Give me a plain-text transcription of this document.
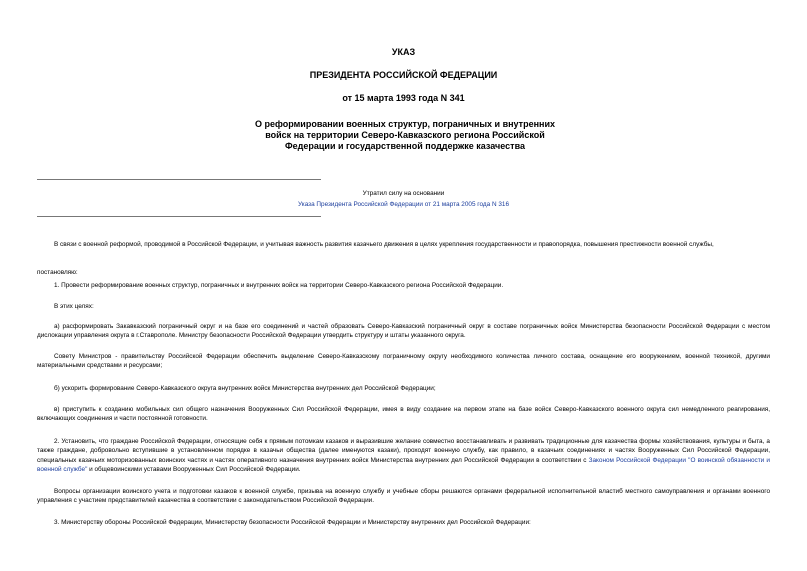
УКАЗ
ПРЕЗИДЕНТА РОССИЙСКОЙ ФЕДЕРАЦИИ
от 15 марта 1993 года N 341
О реформировании военных структур, пограничных и внутренних войск на территории Северо-Кавказского региона Российской Федерации и государственной поддержке казачества
Утратил силу на основании
Указа Президента Российской Федерации от 21 марта 2005 года N 316
В связи с военной реформой, проводимой в Российской Федерации, и учитывая важность развития казачьего движения в целях укрепления государственности и правопорядка, повышения престижности военной службы,
постановляю:
1. Провести реформирование военных структур, пограничных и внутренних войск на территории Северо-Кавказского региона Российской Федерации.
В этих целях:
а) расформировать Закавказский пограничный округ и на базе его соединений и частей образовать Северо-Кавказский пограничный округ в составе пограничных войск Министерства безопасности Российской Федерации с местом дислокации управления округа в г.Ставрополе. Министру безопасности Российской Федерации утвердить структуру и штаты указанного округа.
Совету Министров - правительству Российской Федерации обеспечить выделение Северо-Кавказскому пограничному округу необходимого количества личного состава, оснащение его вооружением, военной техникой, другими материальными средствами и ресурсами;
б) ускорить формирование Северо-Кавказского округа внутренних войск Министерства внутренних дел Российской Федерации;
в) приступить к созданию мобильных сил общего назначения Вооруженных Сил Российской Федерации, имея в виду создание на первом этапе на базе войск Северо-Кавказского военного округа сил немедленного реагирования, включающих соединения и части постоянной готовности.
2. Установить, что граждане Российской Федерации, относящие себя к прямым потомкам казаков и выразившие желание совместно восстанавливать и развивать традиционные для казачества формы хозяйствования, культуры и быта, а также граждане, добровольно вступившие в установленном порядке в казачьи общества (далее именуются казаки), проходят военную службу, как правило, в казачьих соединениях и частях Вооруженных Сил Российской Федерации, специальных казачьих моторизованных воинских частях и частях оперативного назначения внутренних войск Министерства внутренних дел Российской Федерации в соответствии с Законом Российской Федерации "О воинской обязанности и военной службе" и общевоинскими уставами Вооруженных Сил Российской Федерации.
Вопросы организации воинского учета и подготовки казаков к военной службе, призыва на военную службу и учебные сборы решаются органами федеральной исполнительной властиб местного самоуправления и органами военного управления с участием представителей казачества в соответствии с законодательством Российской Федерации.
3. Министерству обороны Российской Федерации, Министерству безопасности Российской Федерации и Министерству внутренних дел Российской Федерации:
